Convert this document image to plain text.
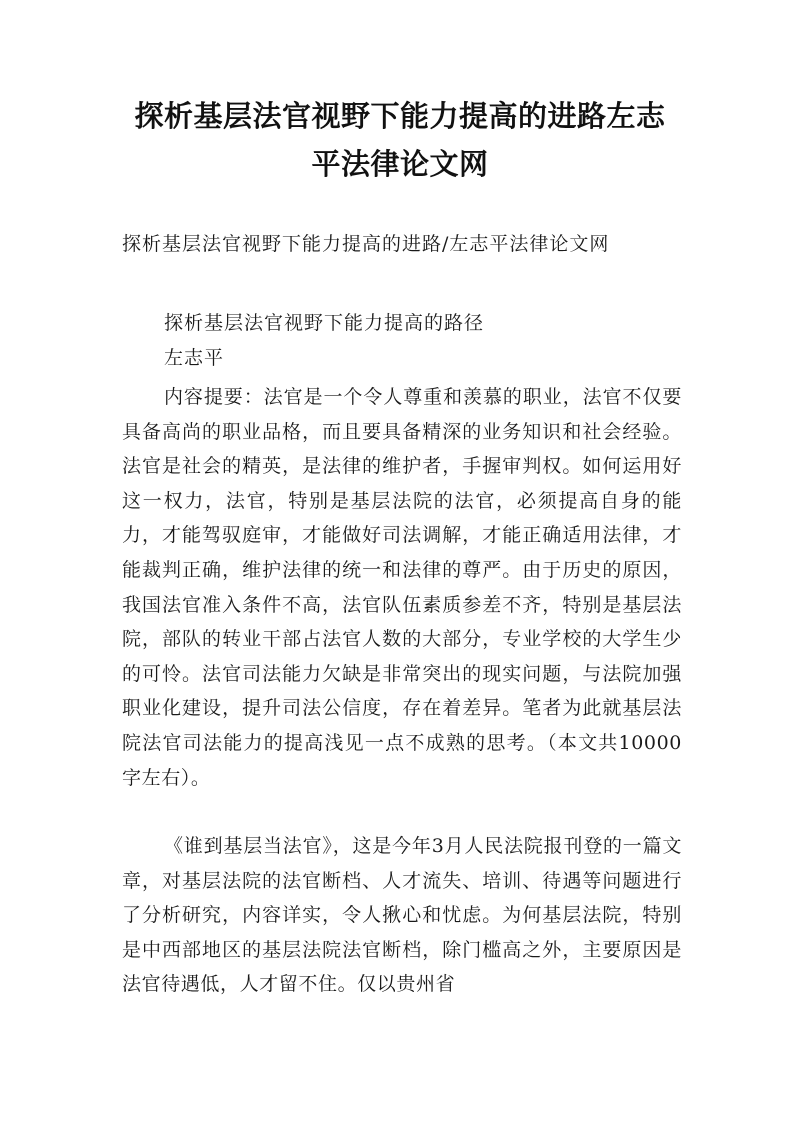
探析基层法官视野下能力提高的进路左志
平法律论文网

探析基层法官视野下能力提高的进路/左志平法律论文网

探析基层法官视野下能力提高的路径

左志平

内容提要：法官是一个令人尊重和羡慕的职业，法官不仅要具备高尚的职业品格，而且要具备精深的业务知识和社会经验。法官是社会的精英，是法律的维护者，手握审判权。如何运用好这一权力，法官，特别是基层法院的法官，必须提高自身的能力，才能驾驭庭审，才能做好司法调解，才能正确适用法律，才能裁判正确，维护法律的统一和法律的尊严。由于历史的原因，我国法官准入条件不高，法官队伍素质参差不齐，特别是基层法院，部队的转业干部占法官人数的大部分，专业学校的大学生少的可怜。法官司法能力欠缺是非常突出的现实问题，与法院加强职业化建设，提升司法公信度，存在着差异。笔者为此就基层法院法官司法能力的提高浅见一点不成熟的思考。（本文共10000字左右）。

《谁到基层当法官》，这是今年3月人民法院报刊登的一篇文章，对基层法院的法官断档、人才流失、培训、待遇等问题进行了分析研究，内容详实，令人揪心和忧虑。为何基层法院，特别是中西部地区的基层法院法官断档，除门槛高之外，主要原因是法官待遇低，人才留不住。仅以贵州省
